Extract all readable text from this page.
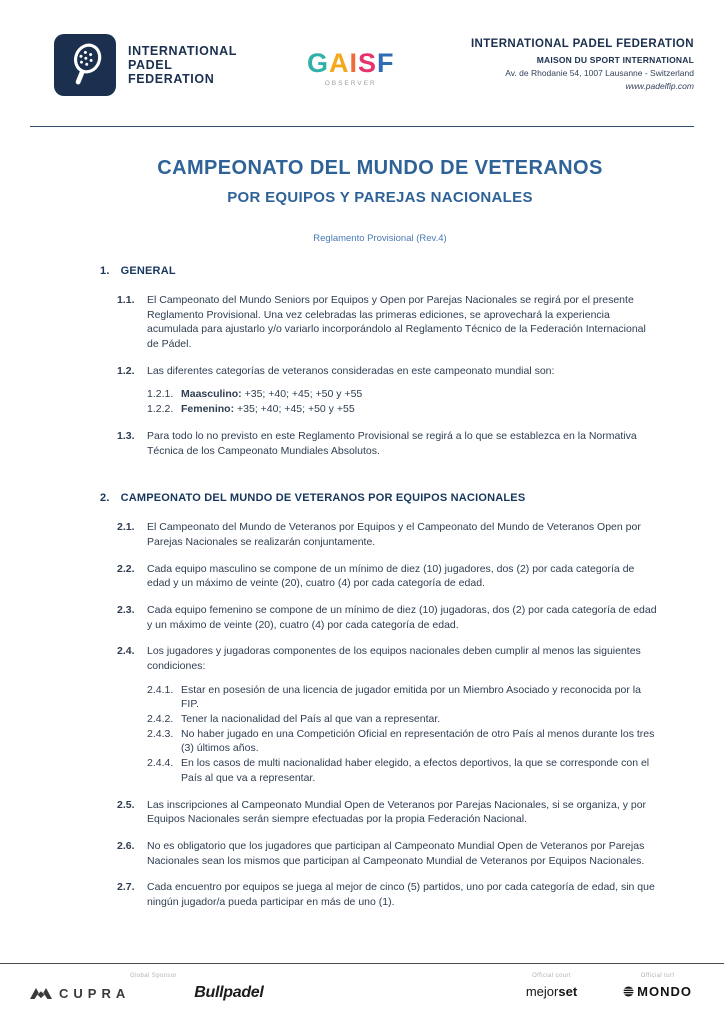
INTERNATIONAL
PADEL
FEDERATION
GAISF
OBSERVER
INTERNATIONAL PADEL FEDERATION
MAISON DU SPORT INTERNATIONAL
Av. de Rhodanie 54, 1007 Lausanne - Switzerland
www.padelfip.com
CAMPEONATO DEL MUNDO DE VETERANOS
POR EQUIPOS Y PAREJAS NACIONALES
Reglamento Provisional (Rev.4)
1. GENERAL
1.1.	El Campeonato del Mundo Seniors por Equipos y Open por Parejas Nacionales se regirá por el presente Reglamento Provisional. Una vez celebradas las primeras ediciones, se aprovechará la experiencia acumulada para ajustarlo y/o variarlo incorporándolo al Reglamento Técnico de la Federación Internacional de Pádel.
1.2.	Las diferentes categorías de veteranos consideradas en este campeonato mundial son:
1.2.1. Maasculino: +35; +40; +45; +50 y +55
1.2.2. Femenino: +35; +40; +45; +50 y +55
1.3.	Para todo lo no previsto en este Reglamento Provisional se regirá a lo que se establezca en la Normativa Técnica de los Campeonato Mundiales Absolutos.
2. CAMPEONATO DEL MUNDO DE VETERANOS POR EQUIPOS NACIONALES
2.1.	El Campeonato del Mundo de Veteranos por Equipos y el Campeonato del Mundo de Veteranos Open por Parejas Nacionales se realizarán conjuntamente.
2.2.	Cada equipo masculino se compone de un mínimo de diez (10) jugadores, dos (2) por cada categoría de edad y un máximo de veinte (20), cuatro (4) por cada categoría de edad.
2.3.	Cada equipo femenino se compone de un mínimo de diez (10) jugadoras, dos (2) por cada categoría de edad y un máximo de veinte (20), cuatro (4) por cada categoría de edad.
2.4.	Los jugadores y jugadoras componentes de los equipos nacionales deben cumplir al menos las siguientes condiciones:
2.4.1. Estar en posesión de una licencia de jugador emitida por un Miembro Asociado y reconocida por la FIP.
2.4.2. Tener la nacionalidad del País al que van a representar.
2.4.3. No haber jugado en una Competición Oficial en representación de otro País al menos durante los tres (3) últimos años.
2.4.4. En los casos de multi nacionalidad haber elegido, a efectos deportivos, la que se corresponde con el País al que va a representar.
2.5.	Las inscripciones al Campeonato Mundial Open de Veteranos por Parejas Nacionales, si se organiza, y por Equipos Nacionales serán siempre efectuadas por la propia Federación Nacional.
2.6.	No es obligatorio que los jugadores que participan al Campeonato Mundial Open de Veteranos por Parejas Nacionales sean los mismos que participan al Campeonato Mundial de Veteranos por Equipos Nacionales.
2.7.	Cada encuentro por equipos se juega al mejor de cinco (5) partidos, uno por cada categoría de edad, sin que ningún jugador/a pueda participar en más de uno (1).
Global Sponsor
CUPRA	Bullpadel
Official court
mejorset
Official turf
MONDO
